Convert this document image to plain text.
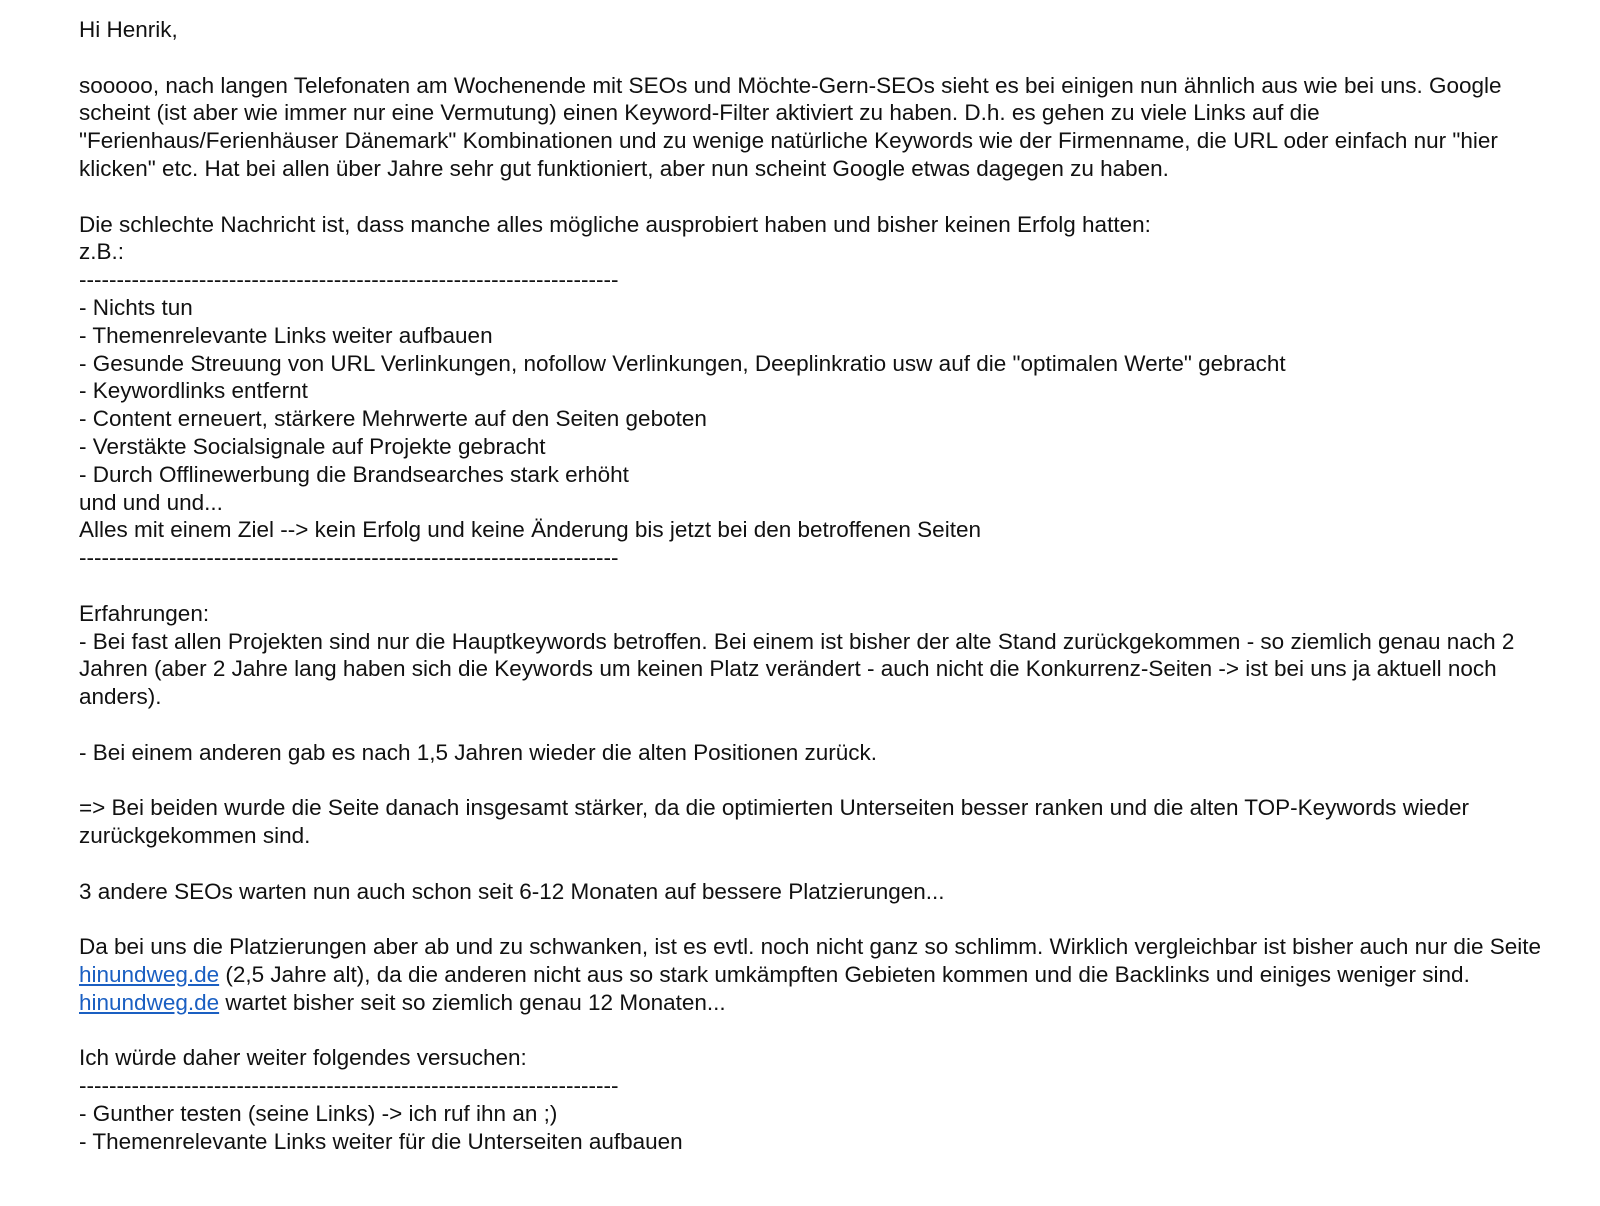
Hi Henrik,
sooooo, nach langen Telefonaten am Wochenende mit SEOs und Möchte-Gern-SEOs sieht es bei einigen nun ähnlich aus wie bei uns. Google scheint (ist aber wie immer nur eine Vermutung) einen Keyword-Filter aktiviert zu haben. D.h. es gehen zu viele Links auf die "Ferienhaus/Ferienhäuser Dänemark" Kombinationen und zu wenige natürliche Keywords wie der Firmenname, die URL oder einfach nur "hier klicken" etc. Hat bei allen über Jahre sehr gut funktioniert, aber nun scheint Google etwas dagegen zu haben.
Die schlechte Nachricht ist, dass manche alles mögliche ausprobiert haben und bisher keinen Erfolg hatten:
z.B.:
------------------------------------------------------------------------
- Nichts tun
- Themenrelevante Links weiter aufbauen
- Gesunde Streuung von URL Verlinkungen, nofollow Verlinkungen, Deeplinkratio usw auf die "optimalen Werte" gebracht
- Keywordlinks entfernt
- Content erneuert, stärkere Mehrwerte auf den Seiten geboten
- Verstäkte Socialsignale auf Projekte gebracht
- Durch Offlinewerbung die Brandsearches stark erhöht
und und und...
Alles mit einem Ziel --> kein Erfolg und keine Änderung bis jetzt bei den betroffenen Seiten
------------------------------------------------------------------------
Erfahrungen:
- Bei fast allen Projekten sind nur die Hauptkeywords betroffen. Bei einem ist bisher der alte Stand zurückgekommen - so ziemlich genau nach 2 Jahren (aber 2 Jahre lang haben sich die Keywords um keinen Platz verändert - auch nicht die Konkurrenz-Seiten -> ist bei uns ja aktuell noch anders).
- Bei einem anderen gab es nach 1,5 Jahren wieder die alten Positionen zurück.
=> Bei beiden wurde die Seite danach insgesamt stärker, da die optimierten Unterseiten besser ranken und die alten TOP-Keywords wieder zurückgekommen sind.
3 andere SEOs warten nun auch schon seit 6-12 Monaten auf bessere Platzierungen...
Da bei uns die Platzierungen aber ab und zu schwanken, ist es evtl. noch nicht ganz so schlimm. Wirklich vergleichbar ist bisher auch nur die Seite hinundweg.de (2,5 Jahre alt), da die anderen nicht aus so stark umkämpften Gebieten kommen und die Backlinks und einiges weniger sind. hinundweg.de wartet bisher seit so ziemlich genau 12 Monaten...
Ich würde daher weiter folgendes versuchen:
------------------------------------------------------------------------
- Gunther testen (seine Links) -> ich ruf ihn an ;)
- Themenrelevante Links weiter für die Unterseiten aufbauen
